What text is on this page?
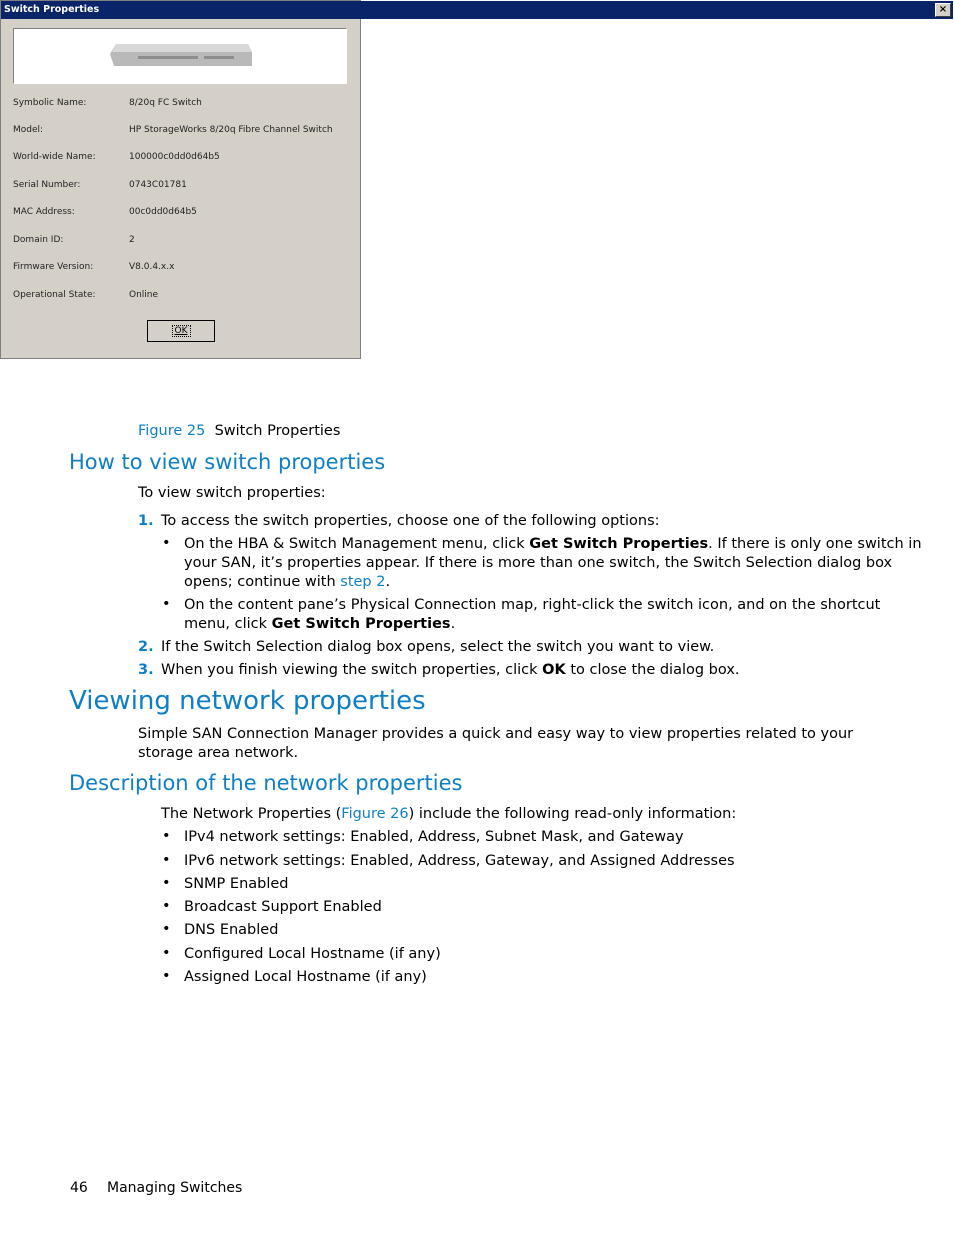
Switch Properties	×
Symbolic Name:	8/20q FC Switch
Model:	HP StorageWorks 8/20q Fibre Channel Switch
World-wide Name:	100000c0dd0d64b5
Serial Number:	0743C01781
MAC Address:	00c0dd0d64b5
Domain ID:	2
Firmware Version:	V8.0.4.x.x
Operational State:	Online
OK
Figure 25 Switch Properties
How to view switch properties
To view switch properties:
1. To access the switch properties, choose one of the following options:
• On the HBA & Switch Management menu, click Get Switch Properties. If there is only one switch in
your SAN, it’s properties appear. If there is more than one switch, the Switch Selection dialog box
opens; continue with step 2.
• On the content pane’s Physical Connection map, right-click the switch icon, and on the shortcut
menu, click Get Switch Properties.
2. If the Switch Selection dialog box opens, select the switch you want to view.
3. When you finish viewing the switch properties, click OK to close the dialog box.
Viewing network properties
Simple SAN Connection Manager provides a quick and easy way to view properties related to your
storage area network.
Description of the network properties
The Network Properties (Figure 26) include the following read-only information:
• IPv4 network settings: Enabled, Address, Subnet Mask, and Gateway
• IPv6 network settings: Enabled, Address, Gateway, and Assigned Addresses
• SNMP Enabled
• Broadcast Support Enabled
• DNS Enabled
• Configured Local Hostname (if any)
• Assigned Local Hostname (if any)
46 Managing Switches
